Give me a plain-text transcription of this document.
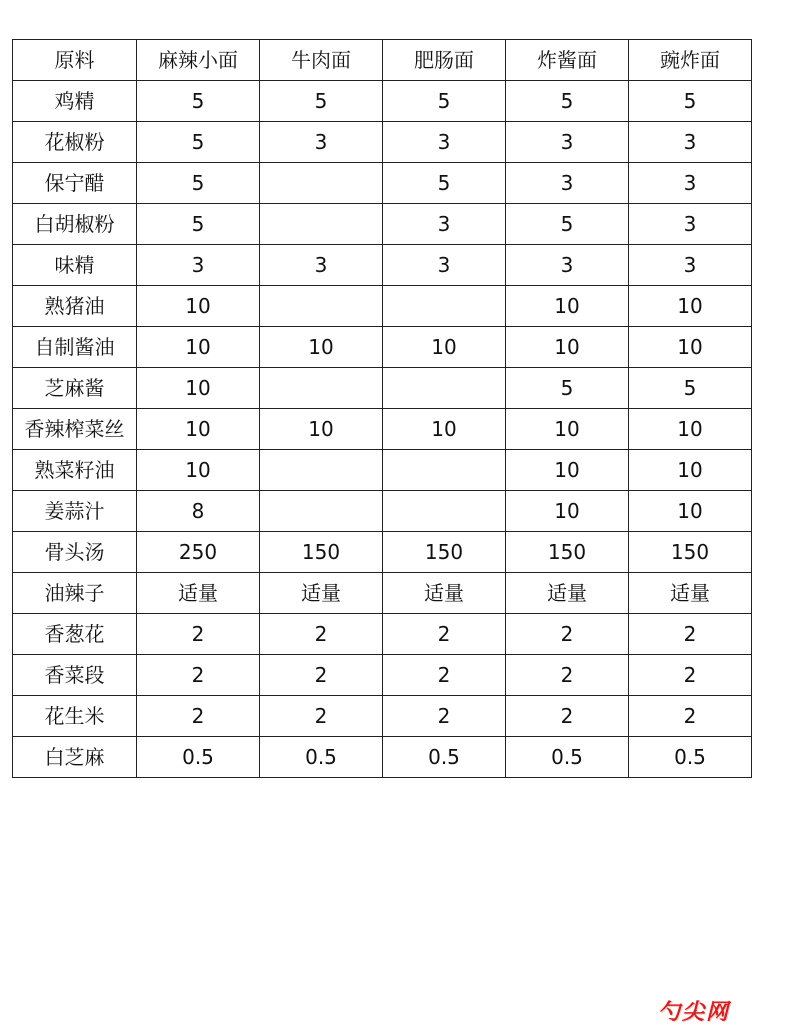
原料	麻辣小面	牛肉面	肥肠面	炸酱面	豌炸面
鸡精	5	5	5	5	5
花椒粉	5	3	3	3	3
保宁醋	5		5	3	3
白胡椒粉	5		3	5	3
味精	3	3	3	3	3
熟猪油	10			10	10
自制酱油	10	10	10	10	10
芝麻酱	10			5	5
香辣榨菜丝	10	10	10	10	10
熟菜籽油	10			10	10
姜蒜汁	8			10	10
骨头汤	250	150	150	150	150
油辣子	适量	适量	适量	适量	适量
香葱花	2	2	2	2	2
香菜段	2	2	2	2	2
花生米	2	2	2	2	2
白芝麻	0.5	0.5	0.5	0.5	0.5
勺尖网
